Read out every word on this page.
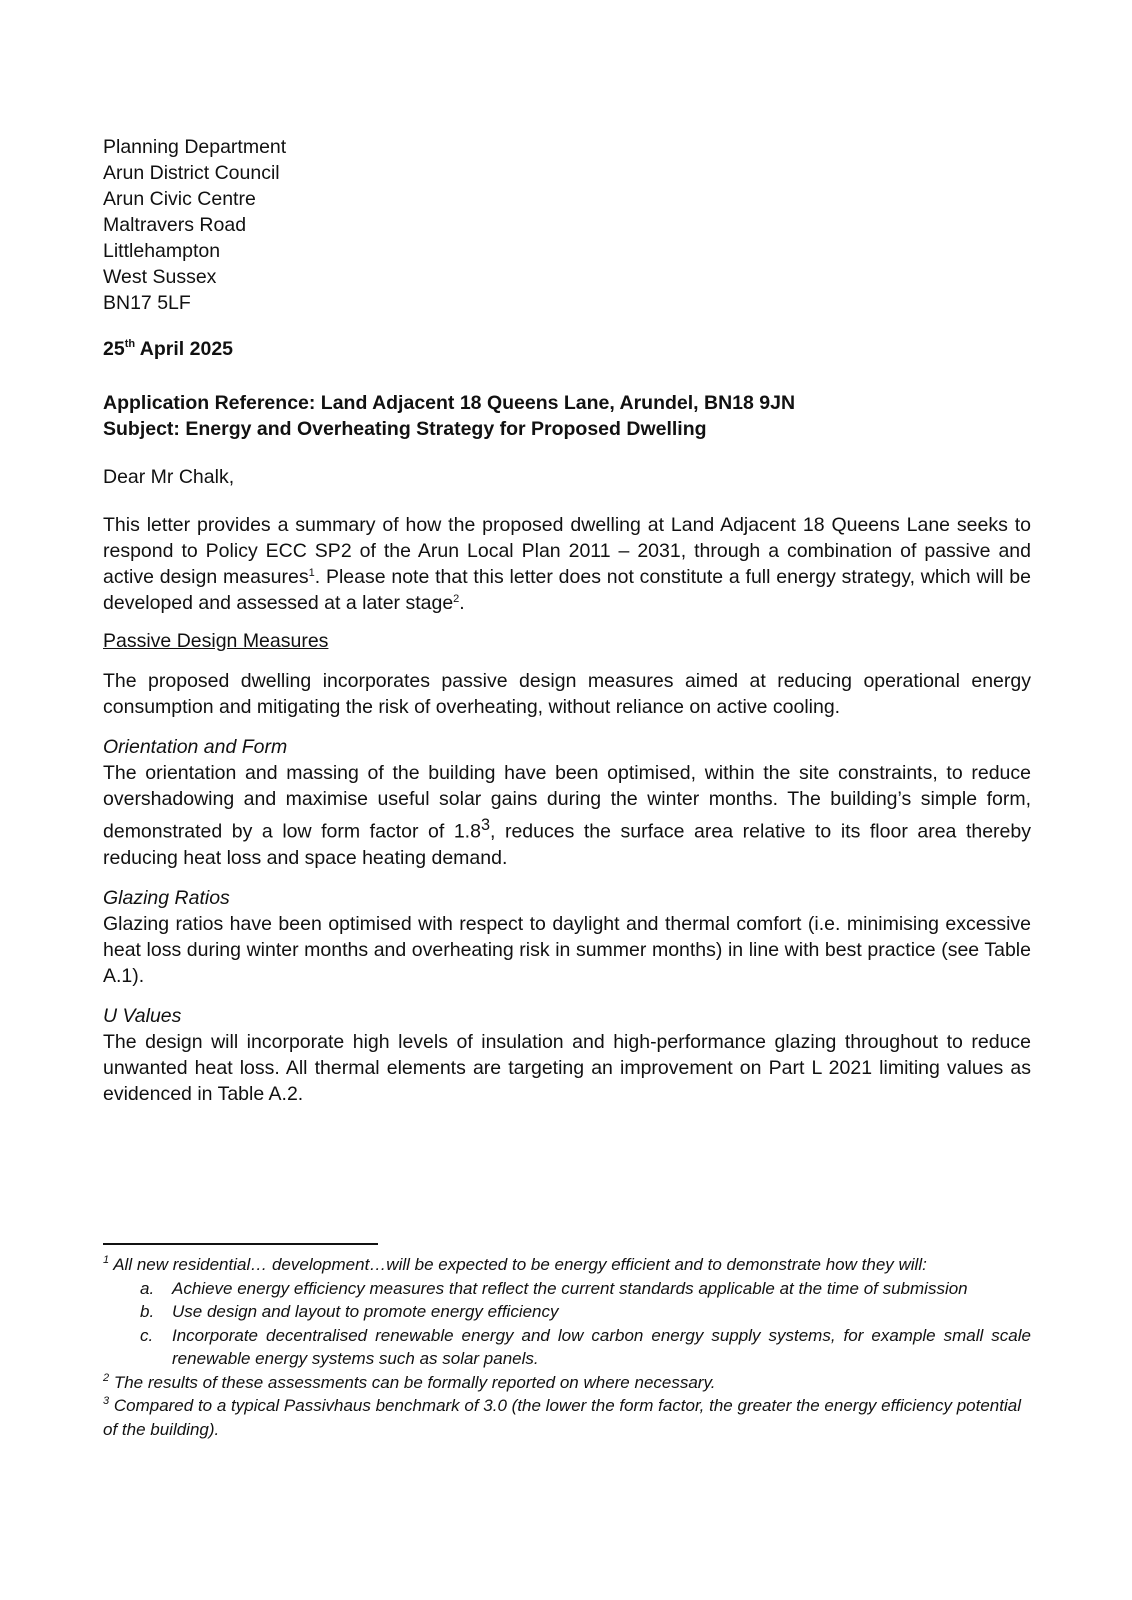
Planning Department
Arun District Council
Arun Civic Centre
Maltravers Road
Littlehampton
West Sussex
BN17 5LF
25th April 2025
Application Reference: Land Adjacent 18 Queens Lane, Arundel, BN18 9JN
Subject: Energy and Overheating Strategy for Proposed Dwelling
Dear Mr Chalk,

This letter provides a summary of how the proposed dwelling at Land Adjacent 18 Queens Lane seeks to respond to Policy ECC SP2 of the Arun Local Plan 2011 – 2031, through a combination of passive and active design measures$^1$. Please note that this letter does not constitute a full energy strategy, which will be developed and assessed at a later stage$^2$.

Passive Design Measures

The proposed dwelling incorporates passive design measures aimed at reducing operational energy consumption and mitigating the risk of overheating, without reliance on active cooling.

Orientation and Form

The orientation and massing of the building have been optimised, within the site constraints, to reduce overshadowing and maximise useful solar gains during the winter months. The building’s simple form, demonstrated by a low form factor of $1.8^3$, reduces the surface area relative to its floor area thereby reducing heat loss and space heating demand.

Glazing Ratios

Glazing ratios have been optimised with respect to daylight and thermal comfort (i.e. minimising excessive heat loss during winter months and overheating risk in summer months) in line with best practice (see Table A.1).

U Values

The design will incorporate high levels of insulation and high-performance glazing throughout to reduce unwanted heat loss. All thermal elements are targeting an improvement on Part L 2021 limiting values as evidenced in Table A.2.

$^1$ All new residential… development…will be expected to be energy efficient and to demonstrate how they will:
a. Achieve energy efficiency measures that reflect the current standards applicable at the time of submission
b. Use design and layout to promote energy efficiency
c. Incorporate decentralised renewable energy and low carbon energy supply systems, for example small scale renewable energy systems such as solar panels.
$^2$ The results of these assessments can be formally reported on where necessary.
$^3$ Compared to a typical Passivhaus benchmark of 3.0 (the lower the form factor, the greater the energy efficiency potential of the building).
